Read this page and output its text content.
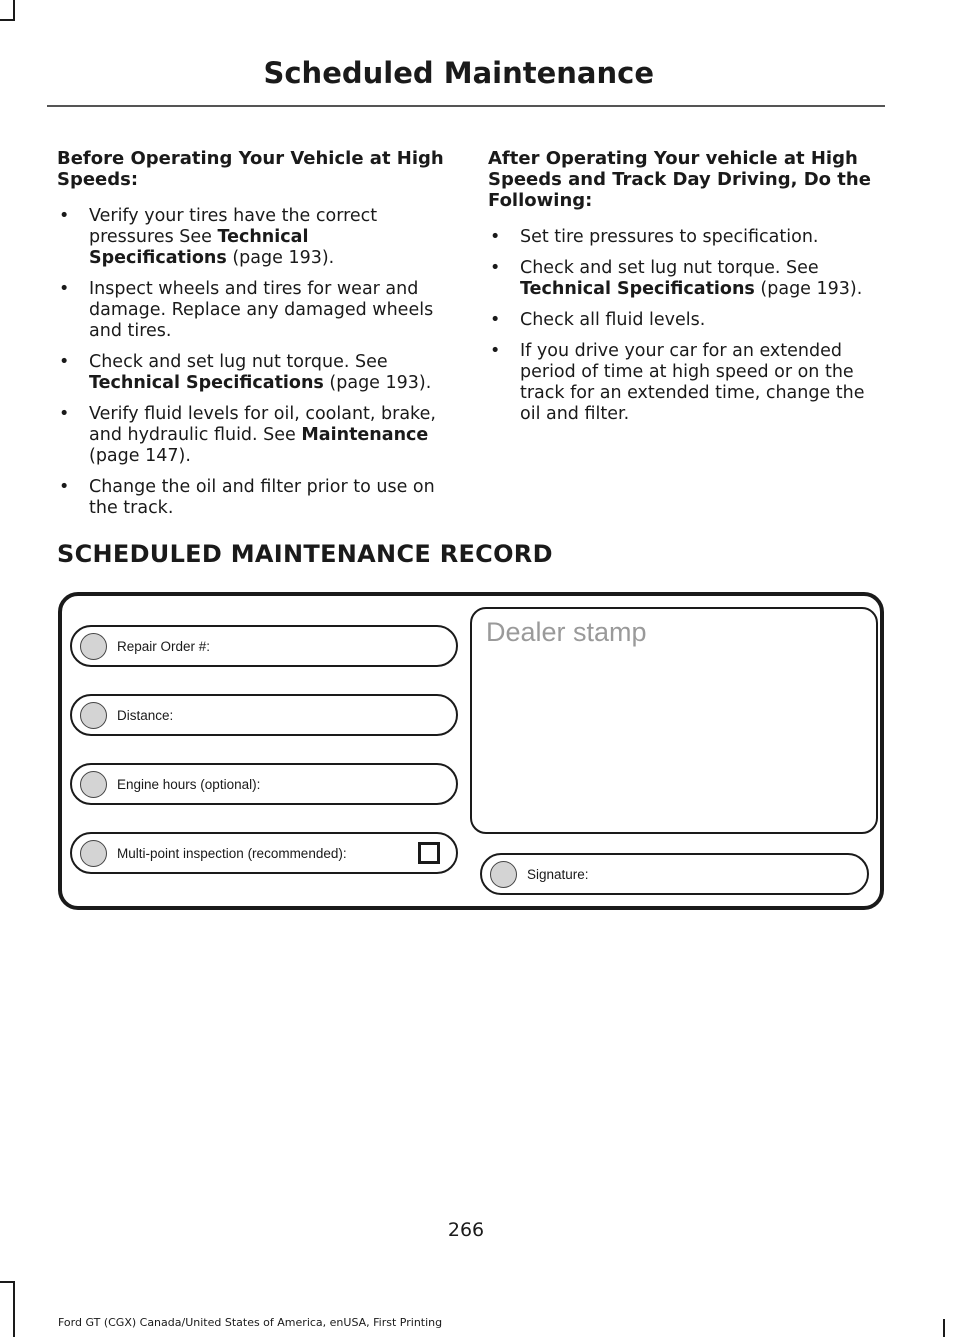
Scheduled Maintenance
Before Operating Your Vehicle at High Speeds:
• Verify your tires have the correct pressures See Technical Specifications (page 193).
• Inspect wheels and tires for wear and damage. Replace any damaged wheels and tires.
• Check and set lug nut torque. See Technical Specifications (page 193).
• Verify fluid levels for oil, coolant, brake, and hydraulic fluid. See Maintenance (page 147).
• Change the oil and filter prior to use on the track.
After Operating Your vehicle at High Speeds and Track Day Driving, Do the Following:
• Set tire pressures to specification.
• Check and set lug nut torque. See Technical Specifications (page 193).
• Check all fluid levels.
• If you drive your car for an extended period of time at high speed or on the track for an extended time, change the oil and filter.
SCHEDULED MAINTENANCE RECORD
Repair Order #:
Distance:
Engine hours (optional):
Multi-point inspection (recommended):
Dealer stamp
Signature:
266
Ford GT (CGX) Canada/United States of America, enUSA, First Printing
